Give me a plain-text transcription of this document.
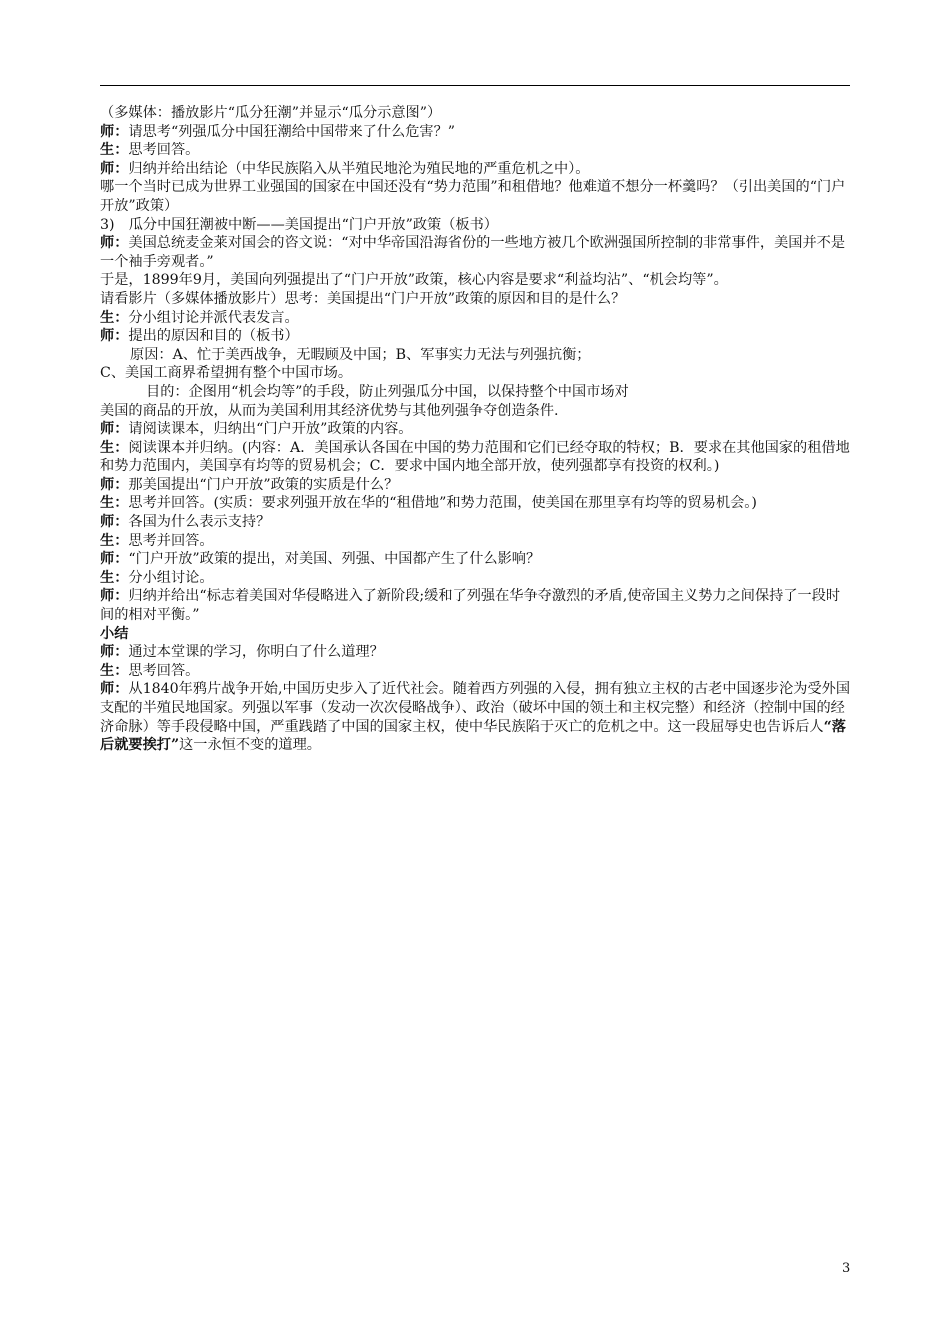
（多媒体：播放影片“瓜分狂潮”并显示“瓜分示意图”）

师：请思考“列强瓜分中国狂潮给中国带来了什么危害？”

生：思考回答。

师：归纳并给出结论（中华民族陷入从半殖民地沦为殖民地的严重危机之中）。

哪一个当时已成为世界工业强国的国家在中国还没有“势力范围”和租借地？他难道不想分一杯羹吗？（引出美国的“门户开放”政策）

3)　瓜分中国狂潮被中断——美国提出“门户开放”政策（板书）

师：美国总统麦金莱对国会的咨文说：“对中华帝国沿海省份的一些地方被几个欧洲强国所控制的非常事件，美国并不是一个袖手旁观者。”

于是，1899年9月，美国向列强提出了“门户开放”政策，核心内容是要求“利益均沾”、“机会均等”。

请看影片（多媒体播放影片）思考：美国提出“门户开放”政策的原因和目的是什么？

生：分小组讨论并派代表发言。

师：提出的原因和目的（板书）

原因：A、忙于美西战争，无暇顾及中国；B、军事实力无法与列强抗衡；

C、美国工商界希望拥有整个中国市场。

目的：企图用“机会均等”的手段，防止列强瓜分中国，以保持整个中国市场对

美国的商品的开放，从而为美国利用其经济优势与其他列强争夺创造条件.

师：请阅读课本，归纳出“门户开放”政策的内容。

生：阅读课本并归纳。(内容：A．美国承认各国在中国的势力范围和它们已经夺取的特权；B．要求在其他国家的租借地和势力范围内，美国享有均等的贸易机会；C．要求中国内地全部开放，使列强都享有投资的权利。)

师：那美国提出“门户开放”政策的实质是什么？

生：思考并回答。(实质：要求列强开放在华的“租借地”和势力范围，使美国在那里享有均等的贸易机会。)

师：各国为什么表示支持？

生：思考并回答。

师：“门户开放”政策的提出，对美国、列强、中国都产生了什么影响？

生：分小组讨论。

师：归纳并给出“标志着美国对华侵略进入了新阶段;缓和了列强在华争夺激烈的矛盾,使帝国主义势力之间保持了一段时间的相对平衡。”

小结

师：通过本堂课的学习，你明白了什么道理？

生：思考回答。

师：从1840年鸦片战争开始,中国历史步入了近代社会。随着西方列强的入侵，拥有独立主权的古老中国逐步沦为受外国支配的半殖民地国家。列强以军事（发动一次次侵略战争）、政治（破坏中国的领土和主权完整）和经济（控制中国的经济命脉）等手段侵略中国，严重践踏了中国的国家主权，使中华民族陷于灭亡的危机之中。这一段屈辱史也告诉后人“落后就要挨打”这一永恒不变的道理。

3
